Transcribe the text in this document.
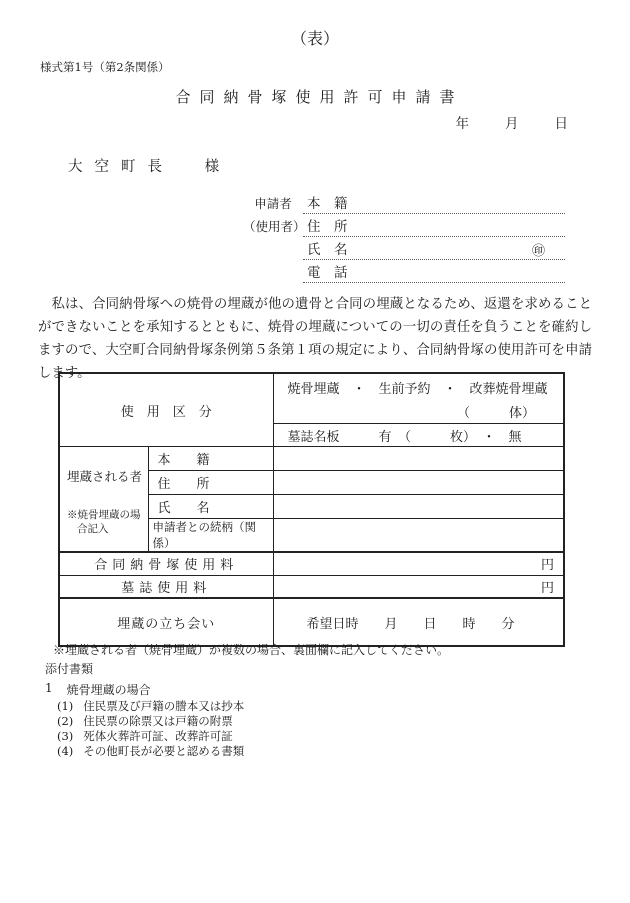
（表）
様式第1号（第2条関係）
合同納骨塚使用許可申請書
年	月	日
大空町長 様
申請者	本　籍
（使用者） 住　所
氏　名	㊞
電　話
　私は、合同納骨塚への焼骨の埋蔵が他の遺骨と合同の埋蔵となるため、返還を求めることができないことを承知するとともに、焼骨の埋蔵についての一切の責任を負うことを確約しますので、大空町合同納骨塚条例第５条第１項の規定により、合同納骨塚の使用許可を申請します。
使用区分		焼骨埋蔵　・　生前予約　・　改葬焼骨埋蔵
（　　　体）

		墓誌名板　　　有　（　　　枚）　・　無

埋蔵される者
※焼骨埋蔵の場
合記入	本　　籍	
	住　　所	
	氏　　名	
	申請者との続柄（関係）	
合同納骨塚使用料		円
墓誌使用料		円
埋蔵の立ち会い		希望日時　　月　　日　　時　　分
※埋蔵される者（焼骨埋蔵）が複数の場合、裏面欄に記入してください。
添付書類
1 焼骨埋蔵の場合
(1) 住民票及び戸籍の謄本又は抄本
(2) 住民票の除票又は戸籍の附票
(3) 死体火葬許可証、改葬許可証
(4) その他町長が必要と認める書類
